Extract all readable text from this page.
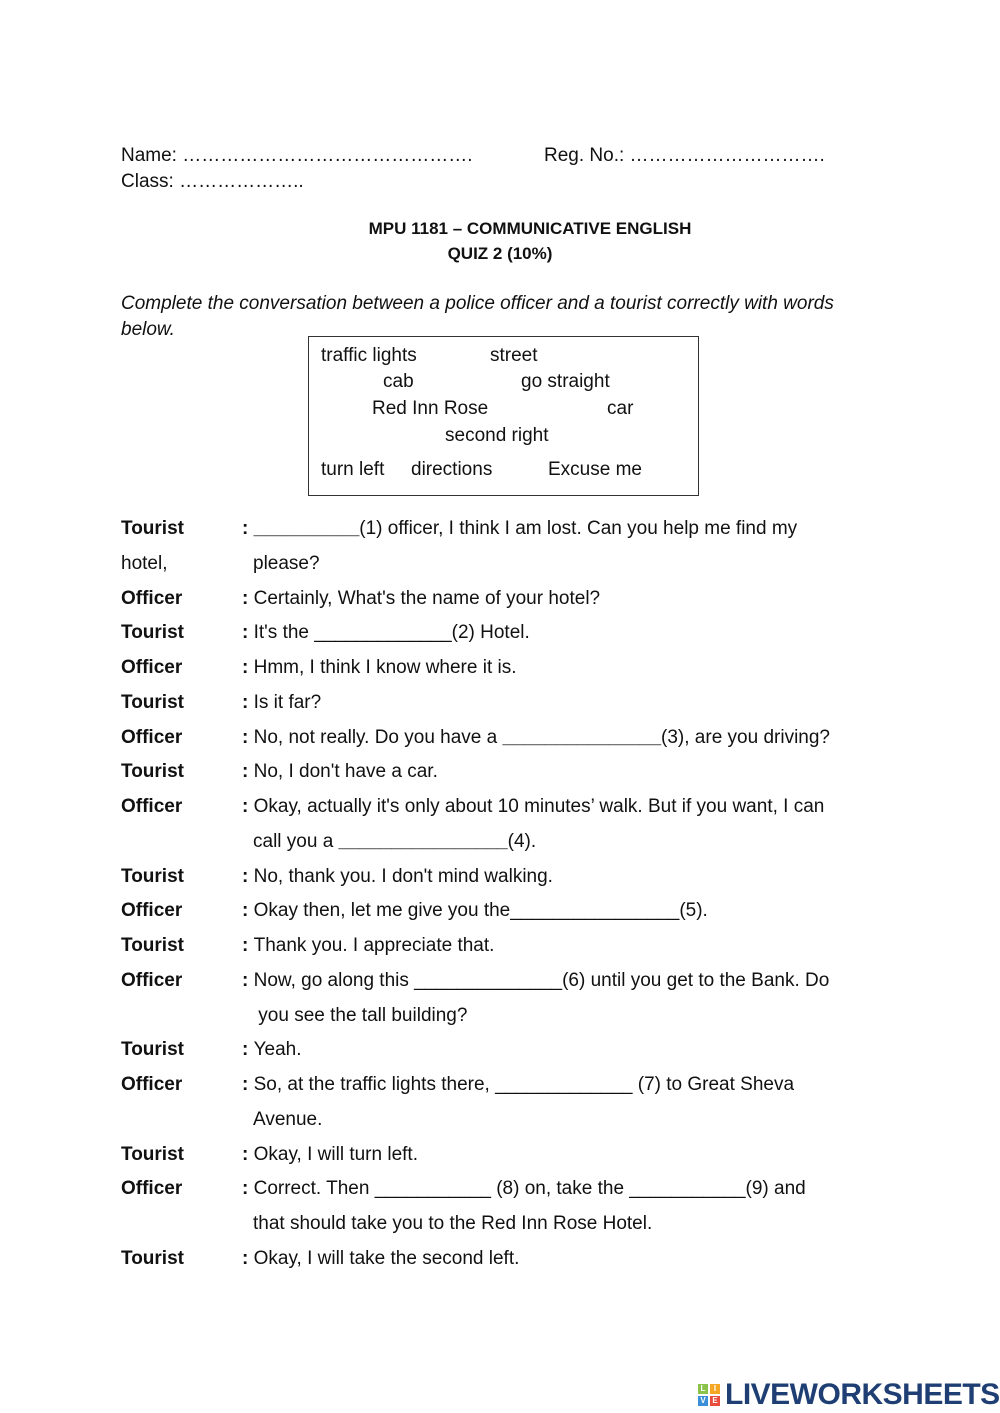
Name: ……………………………………….	Reg. No.: ………………………….
Class: ………………..
MPU 1181 – COMMUNICATIVE ENGLISH
QUIZ 2 (10%)
Complete the conversation between a police officer and a tourist correctly with words
below.
traffic lights	street
cab	go straight
Red Inn Rose	car
second right
turn left directions	Excuse me
Tourist	: __________(1) officer, I think I am lost. Can you help me find my
hotel,	please?
Officer	: Certainly, What's the name of your hotel?
Tourist	: It's the _____________(2) Hotel.
Officer	: Hmm, I think I know where it is.
Tourist	: Is it far?
Officer	: No, not really. Do you have a _______________(3), are you driving?
Tourist	: No, I don't have a car.
Officer	: Okay, actually it's only about 10 minutes’ walk. But if you want, I can
call you a ________________(4).
Tourist	: No, thank you. I don't mind walking.
Officer	: Okay then, let me give you the________________(5).
Tourist	: Thank you. I appreciate that.
Officer	: Now, go along this ______________(6) until you get to the Bank. Do
you see the tall building?
Tourist	: Yeah.
Officer	: So, at the traffic lights there, _____________ (7) to Great Sheva
Avenue.
Tourist	: Okay, I will turn left.
Officer	: Correct. Then ___________ (8) on, take the ___________(9) and
that should take you to the Red Inn Rose Hotel.
Tourist	: Okay, I will take the second left.
L	I
V E LIVEWORKSHEETS
